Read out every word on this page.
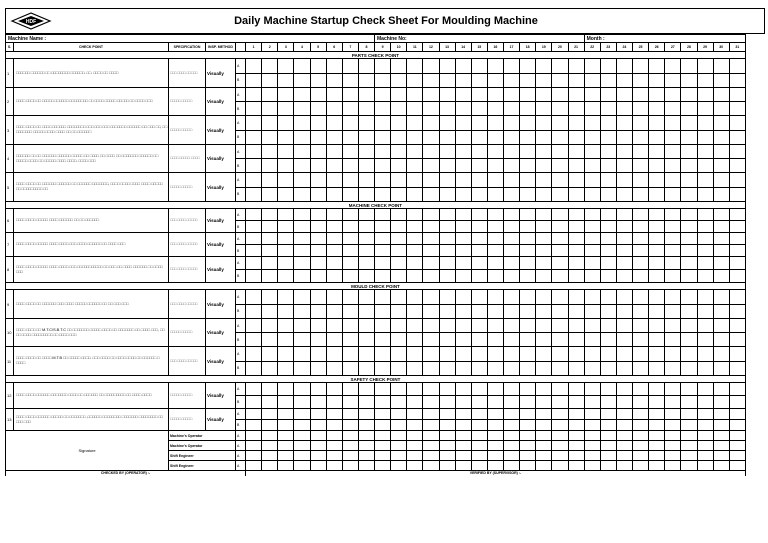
HDF	Daily Machine Startup Check Sheet For Moulding Machine
Machine Name :													Machine No:													Month :									
S.	CHECK POINT	SPECIFICATION	INSP. METHOD		1	2	3	4	5	6	7	8	9	10	11	12	13	14	15	16	17	18	19	20	21	22	23	24	25	26	27	28	29	30	31
PARTS CHECK POINT																																			
1	□□□□□□ □□□□□□ □□ □□□□□□□□ □□□□□□. □□. □□□□ □□ □□□□	□□□ □□□□ □□□□□	Visually	A																															
				B																															
2	□□□□ □□□□ □□ □□□□□ □□□□□□ □□□□□□□□ □□ □□□□ □□□□□ □□□□□ □□ □□□□ □□□	□□□□□ □□□□□	Visually	A																															
				B																															
3	□□□□ □□□□ □□ □□□□ □□□□□□ □□□□□□□□ □□□ □□□ □□□ □□□□□□□ □□□□□□ □□ □□□ □□, □□ □□□□□□□ □□□□□ □□□□ □□□□ □□ □□ □□□□□□	□□□□□ □□□□□	Visually	A																															
				B																															
4	□□□□□□ □□ □□ □□□□□□ □□□□□□ □□□□□ □□ □□□□ □□ □□□□ □□ □□□□□□□ □□□□□□ □□ □□□□□ □□□□ □□ □□□□□ □□□□ □□□□. □□□□ □□□	□□□□ □□□□□ □□□□	Visually	A																															
				B																															
5	□□□□ □□□□ □□ □□□□□□ □□□□□□ □□ □□□□□□ □□□□□□□, □□□□ □□□□ □□□□ □□□□ □□□□□ □□ □□□□□□□□□ □□	□□□□□ □□□□□	Visually	A																															
				B																															
MACHINE CHECK POINT																																			
6	□□□□ □□□□ □□□□□ □□□□ □□□□□□ □□ □□ □□□□□□	□□□ □□□□ □□□□□	Visually	A																															
				B																															
7	□□□□ □□□□ □□□□□ □□□□ □□□□ □□□ □□□□ □□□□□□ □□ □□□□ □□□	□□□ □□□□ □□□□□	Visually	A																															
				B																															
8	□□□□ □□□□ □□□□□ □□□□ □□□□ □□□ □□□□□□□□□□□ □□ □□□ □□ □□□□ □□□□□□ □□ □□□□ □□□	□□□ □□□□ □□□□□	Visually	A																															
				B																															
MOULD CHECK POINT																																			
9	□□□□ □□□□ □□ □□□□□□ □□□ □□□□ □□□□□ □□□□□□ □□ □□ □□□ □□□	□□□ □□□□ □□□□□	Visually	A																															
				B																															
10	□□□□ □□□□ □□ M.T.C/S.B.T.C □□ □□□□□□□ □□□□□ □□□□ □□ □□□□□□□ □□ □□□□ □□□, □□ □□ □□□□ □□□□□□□□□ □□ □□□□ □□□	□□□□□ □□□□□	Visually	A																															
				B																															
11	□□□□ □□□□ □□ □□□□ M.T.B □□ □□□□□ □□□□. □□□ □□□□ □□ □□□□ □□□□ □□ □□□□□□ □ □□□□	□□□ □□□□ □□□□□	Visually	A																															
				B																															
SAFETY CHECK POINT																																			
12	□□□□ □□□□ □□□□□□ □□□□□□□ □□□□ □□ □□□□□□ □□ □□□□□□□□□ □□ □□□□ □□□□	□□□□□ □□□□□	Visually	A																															
				B																															
13	□□□□ □□□□ □□□□□□ □□□□□ □□ □□□□□□□ ,□□□□□□ □□□□□□□□ □□□□□□□ □□□□□□□□ □□ □□□ □□□	□□□□□ □□□□□	Visually	A																															
				B																															
Signature		Machine's Operator		A																															
		Machine's Operator		A																															
		Shift Engineer		A																															
		Shift Engineer		A																															
CHECKED BY (OPERATOR) :-					VERIFIED BY (SUPERVISOR) :-																														
